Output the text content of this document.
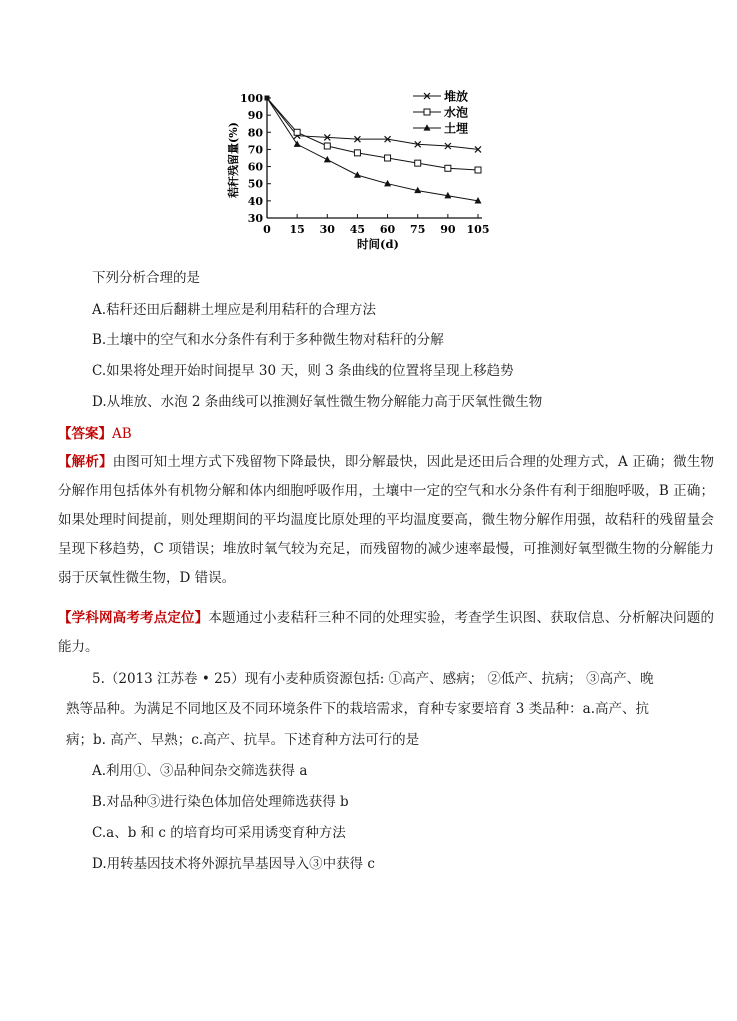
100
90
80
70
60
50
40
30
0 15 30 45 60 75 90 105
堆放
水泡
土埋
秸秆残留量(%)
时间(d)
下列分析合理的是
A.秸秆还田后翻耕土埋应是利用秸秆的合理方法
B.土壤中的空气和水分条件有利于多种微生物对秸秆的分解
C.如果将处理开始时间提早 30 天，则 3 条曲线的位置将呈现上移趋势
D.从堆放、水泡 2 条曲线可以推测好氧性微生物分解能力高于厌氧性微生物
【答案】AB
【解析】由图可知土埋方式下残留物下降最快，即分解最快，因此是还田后合理的处理方式，A 正确；微生物分解作用包括体外有机物分解和体内细胞呼吸作用，土壤中一定的空气和水分条件有利于细胞呼吸，B 正确；如果处理时间提前，则处理期间的平均温度比原处理的平均温度要高，微生物分解作用强，故秸秆的残留量会呈现下移趋势，C 项错误；堆放时氧气较为充足，而残留物的减少速率最慢，可推测好氧型微生物的分解能力弱于厌氧性微生物，D 错误。
【学科网高考考点定位】本题通过小麦秸秆三种不同的处理实验，考查学生识图、获取信息、分析解决问题的能力。
5.（2013 江苏卷 • 25）现有小麦种质资源包括: ①高产、感病； ②低产、抗病； ③高产、晚
熟等品种。为满足不同地区及不同环境条件下的栽培需求，育种专家要培育 3 类品种：a.高产、抗
病；b. 高产、早熟；c.高产、抗旱。下述育种方法可行的是
A.利用①、③品种间杂交筛选获得 a
B.对品种③进行染色体加倍处理筛选获得 b
C.a、b 和 c 的培育均可采用诱变育种方法
D.用转基因技术将外源抗旱基因导入③中获得 c
